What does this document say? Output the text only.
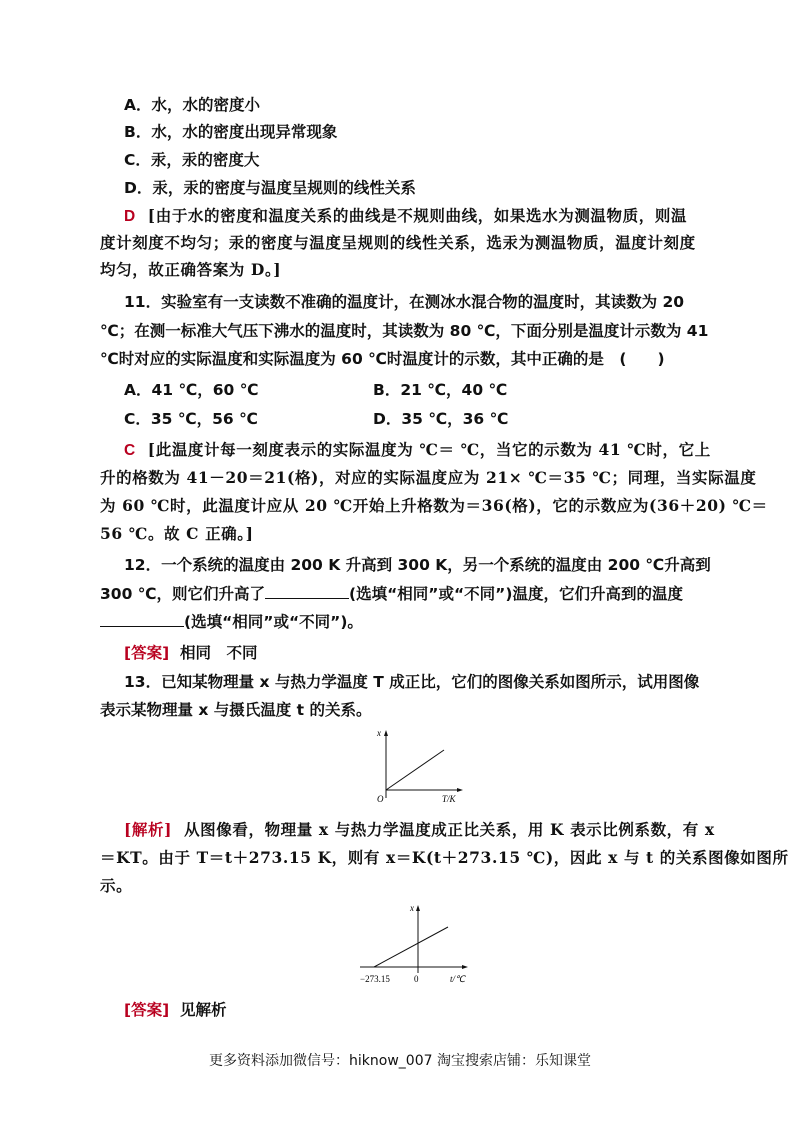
A．水，水的密度小
B．水，水的密度出现异常现象
C．汞，汞的密度大
D．汞，汞的密度与温度呈规则的线性关系
D [由于水的密度和温度关系的曲线是不规则曲线，如果选水为测温物质，则温
度计刻度不均匀；汞的密度与温度呈规则的线性关系，选汞为测温物质，温度计刻度
均匀，故正确答案为 D。]
11．实验室有一支读数不准确的温度计，在测冰水混合物的温度时，其读数为 20
℃；在测一标准大气压下沸水的温度时，其读数为 80 ℃，下面分别是温度计示数为 41
℃时对应的实际温度和实际温度为 60 ℃时温度计的示数，其中正确的是　(　　)
A．41 ℃，60 ℃	B．21 ℃，40 ℃
C．35 ℃，56 ℃	D．35 ℃，36 ℃
C [此温度计每一刻度表示的实际温度为 ℃＝ ℃，当它的示数为 41 ℃时，它上
升的格数为 41－20＝21(格)，对应的实际温度应为 21× ℃＝35 ℃；同理，当实际温度
为 60 ℃时，此温度计应从 20 ℃开始上升格数为＝36(格)，它的示数应为(36＋20) ℃＝
56 ℃。故 C 正确。]
12．一个系统的温度由 200 K 升高到 300 K，另一个系统的温度由 200 ℃升高到
300 ℃，则它们升高了	(选填“相同”或“不同”)温度，它们升高到的温度
(选填“相同”或“不同”)。
[答案] 相同　不同
13．已知某物理量 x 与热力学温度 T 成正比，它们的图像关系如图所示，试用图像
表示某物理量 x 与摄氏温度 t 的关系。
x
O	T/K
[解析] 从图像看，物理量 x 与热力学温度成正比关系，用 K 表示比例系数，有 x
＝KT。由于 T＝t＋273.15 K，则有 x＝K(t＋273.15 ℃)，因此 x 与 t 的关系图像如图所
示。
x
−273.15	0	t/℃
[答案] 见解析
更多资料添加微信号：hiknow_007 淘宝搜索店铺：乐知课堂
